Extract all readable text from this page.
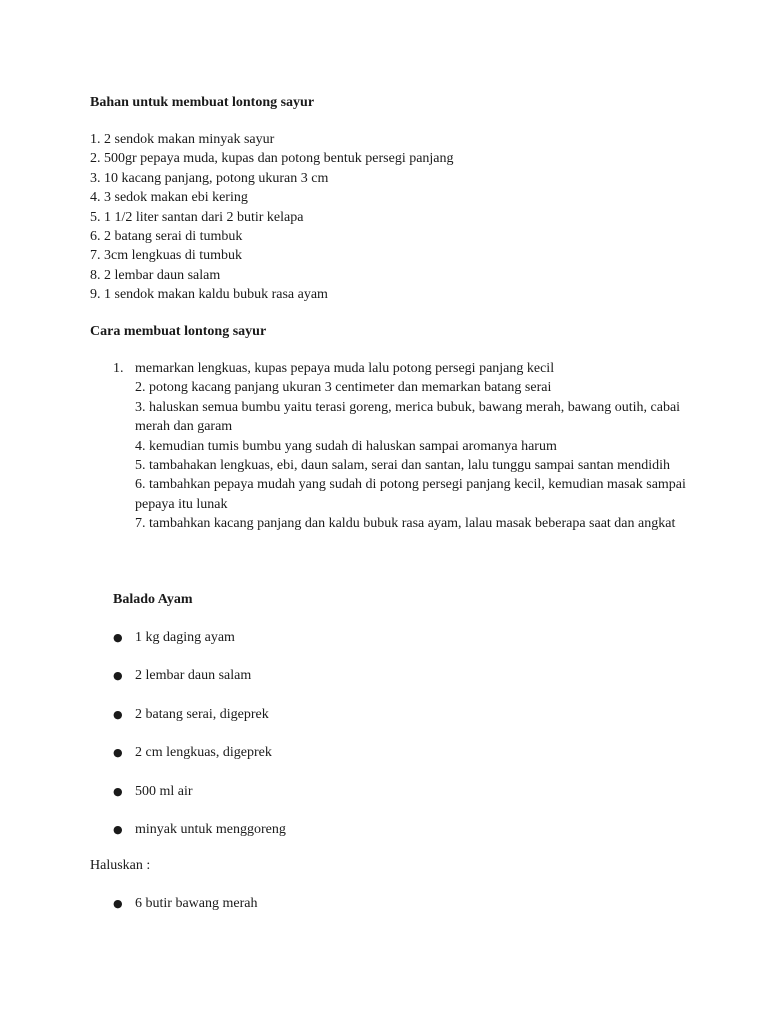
Bahan untuk membuat lontong sayur
1. 2 sendok makan minyak sayur
2. 500gr pepaya muda, kupas dan potong bentuk persegi panjang
3. 10 kacang panjang, potong ukuran 3 cm
4. 3 sedok makan ebi kering
5. 1 1/2 liter santan dari 2 butir kelapa
6. 2 batang serai di tumbuk
7. 3cm lengkuas di tumbuk
8. 2 lembar daun salam
9. 1 sendok makan kaldu bubuk rasa ayam
Cara membuat lontong sayur
1. memarkan lengkuas, kupas pepaya muda lalu potong persegi panjang kecil
2. potong kacang panjang ukuran 3 centimeter dan memarkan batang serai
3. haluskan semua bumbu yaitu terasi goreng, merica bubuk, bawang merah, bawang outih, cabai merah dan garam
4. kemudian tumis bumbu yang sudah di haluskan sampai aromanya harum
5. tambahakan lengkuas, ebi, daun salam, serai dan santan, lalu tunggu sampai santan mendidih
6. tambahkan pepaya mudah yang sudah di potong persegi panjang kecil, kemudian masak sampai pepaya itu lunak
7. tambahkan kacang panjang dan kaldu bubuk rasa ayam, lalau masak beberapa saat dan angkat
Balado Ayam
● 1 kg daging ayam
● 2 lembar daun salam
● 2 batang serai, digeprek
● 2 cm lengkuas, digeprek
● 500 ml air
● minyak untuk menggoreng
Haluskan :
● 6 butir bawang merah
